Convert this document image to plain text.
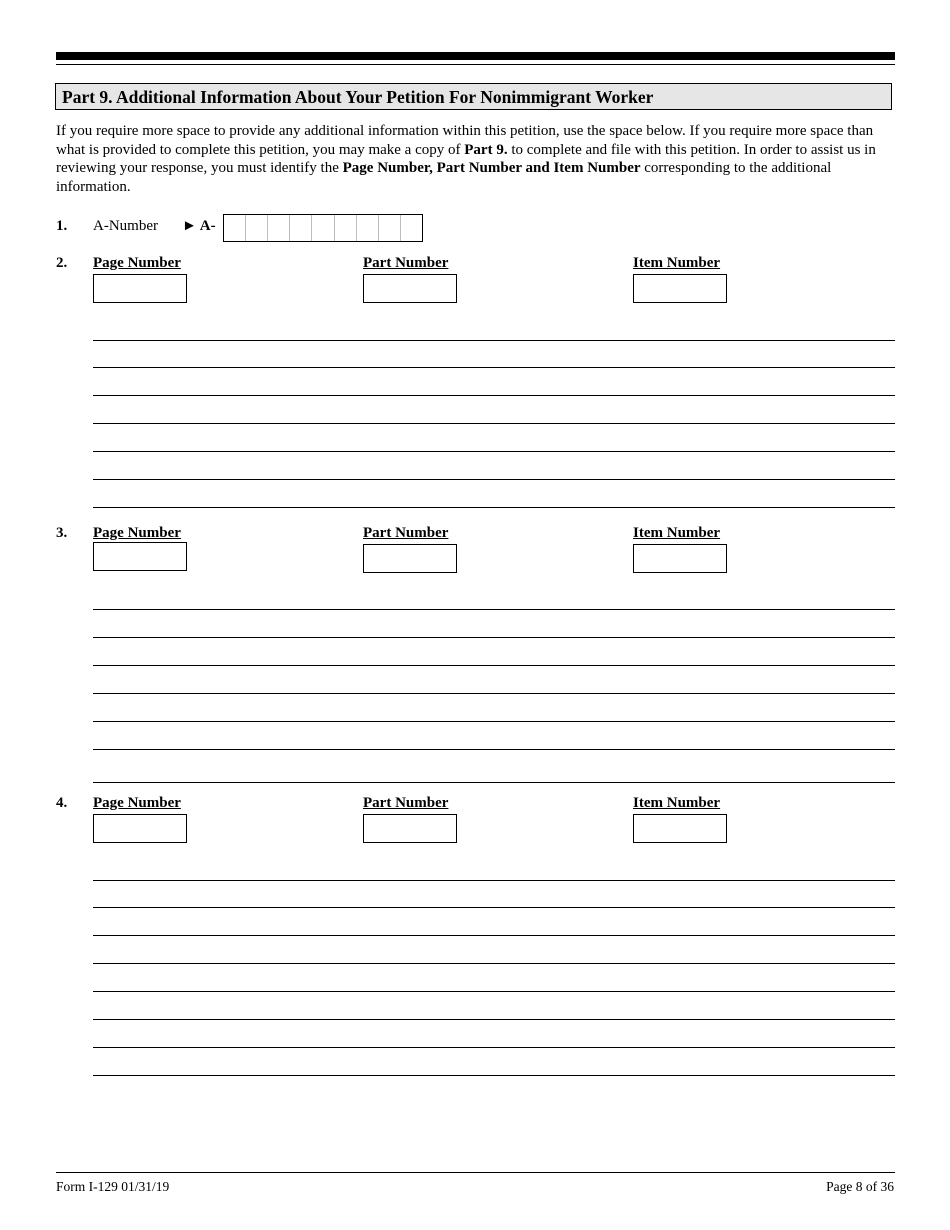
Part 9. Additional Information About Your Petition For Nonimmigrant Worker
If you require more space to provide any additional information within this petition, use the space below. If you require more space than what is provided to complete this petition, you may make a copy of Part 9. to complete and file with this petition. In order to assist us in reviewing your response, you must identify the Page Number, Part Number and Item Number corresponding to the additional information.
1. A-Number ► A-
2. Page Number	Part Number	Item Number
3. Page Number	Part Number	Item Number
4. Page Number	Part Number	Item Number
Form I-129 01/31/19	Page 8 of 36
